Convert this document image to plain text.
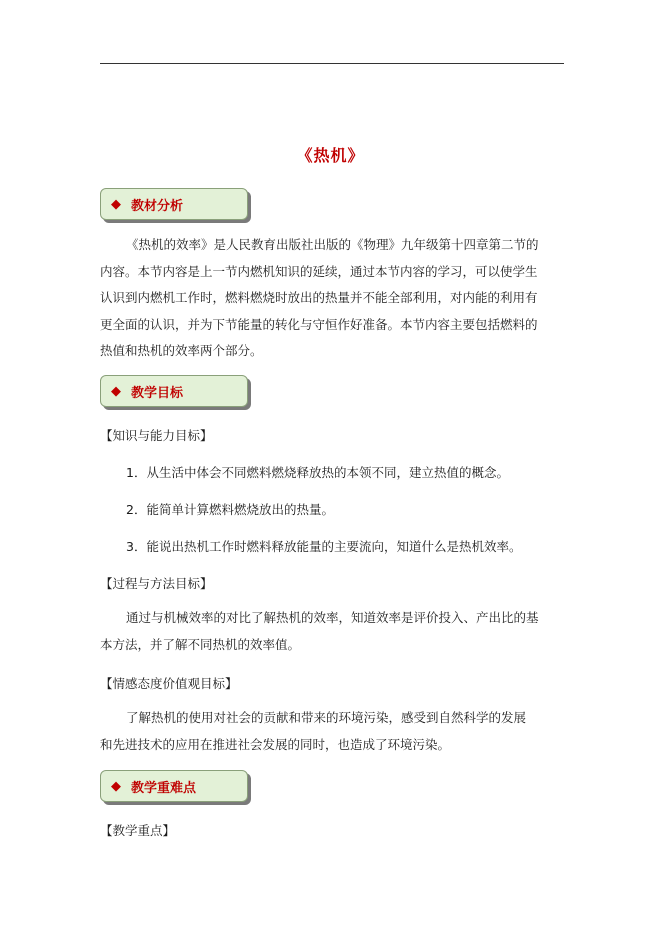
《热机》
◆ 教材分析
《热机的效率》是人民教育出版社出版的《物理》九年级第十四章第二节的
内容。本节内容是上一节内燃机知识的延续，通过本节内容的学习，可以使学生
认识到内燃机工作时，燃料燃烧时放出的热量并不能全部利用，对内能的利用有
更全面的认识，并为下节能量的转化与守恒作好准备。本节内容主要包括燃料的
热值和热机的效率两个部分。
◆ 教学目标
【知识与能力目标】
1．从生活中体会不同燃料燃烧释放热的本领不同，建立热值的概念。
2．能简单计算燃料燃烧放出的热量。
3．能说出热机工作时燃料释放能量的主要流向，知道什么是热机效率。
【过程与方法目标】
通过与机械效率的对比了解热机的效率，知道效率是评价投入、产出比的基
本方法，并了解不同热机的效率值。
【情感态度价值观目标】
了解热机的使用对社会的贡献和带来的环境污染，感受到自然科学的发展
和先进技术的应用在推进社会发展的同时，也造成了环境污染。
◆ 教学重难点
【教学重点】
